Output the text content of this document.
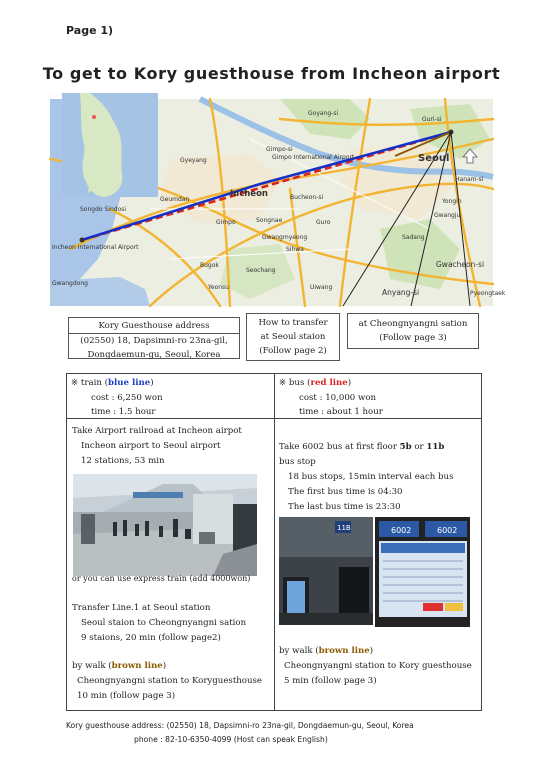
Page 1)
To get to Kory guesthouse from Incheon airport
Goyang-si
Guri-si
Gimpo-si
Gimpo International Airport
Gyeyang
Bucheon-si
Guro
Songnae
Gimpo
Hanam-si
Sadang
Gwangmyeong
Sihwa
Bugok
Seochang
Yeonsu	Uiwang
Pyeongtaek
Songdo Sindosi
Geumdan
Gwangdong
Gwangju
Yongin
Incheon International Airport
Incheon
Seoul
Gwacheon-si
Anyang-si
Kory Guesthouse address
(02550) 18, Dapsimni-ro 23na-gil,
Dongdaemun-gu, Seoul, Korea
How to transfer
at Seoul staion
(Follow page 2)
at Cheongnyangni sation
(Follow page 3)
※ train (blue line)
cost : 6,250 won
time : 1.5 hour
※ bus (red line)
cost : 10,000 won
time : about 1 hour
Take Airport railroad at Incheon airpot
Incheon airport to Seoul airport
12 stations, 53 min
or you can use express train (add 4000won)
Transfer Line.1 at Seoul station
Seoul staion to Cheongnyangni sation
9 staions, 20 min (follow page2)
by walk (brown line)
Cheongnyangni station to Koryguesthouse
10 min (follow page 3)
Take 6002 bus at first floor 5b or 11b
bus stop
18 bus stops, 15min interval each bus
The first bus time is 04:30
The last bus time is 23:30
11B	6002	6002
by walk (brown line)
Cheongnyangni station to Kory guesthouse
5 min (follow page 3)
Kory guesthouse address: (02550) 18, Dapsimni-ro 23na-gil, Dongdaemun-gu, Seoul, Korea
phone : 82-10-6350-4099 (Host can speak English)
